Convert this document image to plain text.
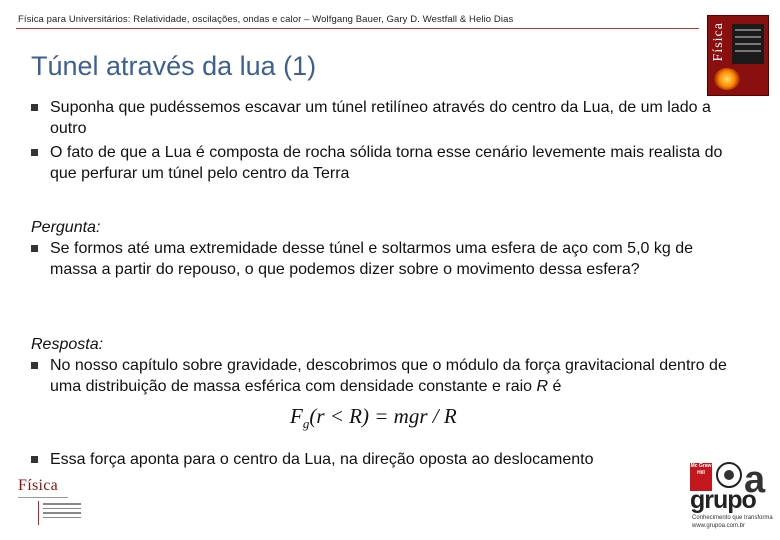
Física para Universitários: Relatividade, oscilações, ondas e calor – Wolfgang Bauer, Gary D. Westfall & Helio Dias
Física
Túnel através da lua (1)
Suponha que pudéssemos escavar um túnel retilíneo através do centro da Lua, de um lado a outro
O fato de que a Lua é composta de rocha sólida torna esse cenário levemente mais realista do que perfurar um túnel pelo centro da Terra
Pergunta:
Se formos até uma extremidade desse túnel e soltarmos uma esfera de aço com 5,0 kg de massa a partir do repouso, o que podemos dizer sobre o movimento dessa esfera?
Resposta:
No nosso capítulo sobre gravidade, descobrimos que o módulo da força gravitacional dentro de uma distribuição de massa esférica com densidade constante e raio R é
$F_g(r < R)$ = mgr / R
Essa força aponta para o centro da Lua, na direção oposta ao deslocamento
Física
Mc Graw Hill a
grupo
Conhecimento que transforma
www.grupoa.com.br
